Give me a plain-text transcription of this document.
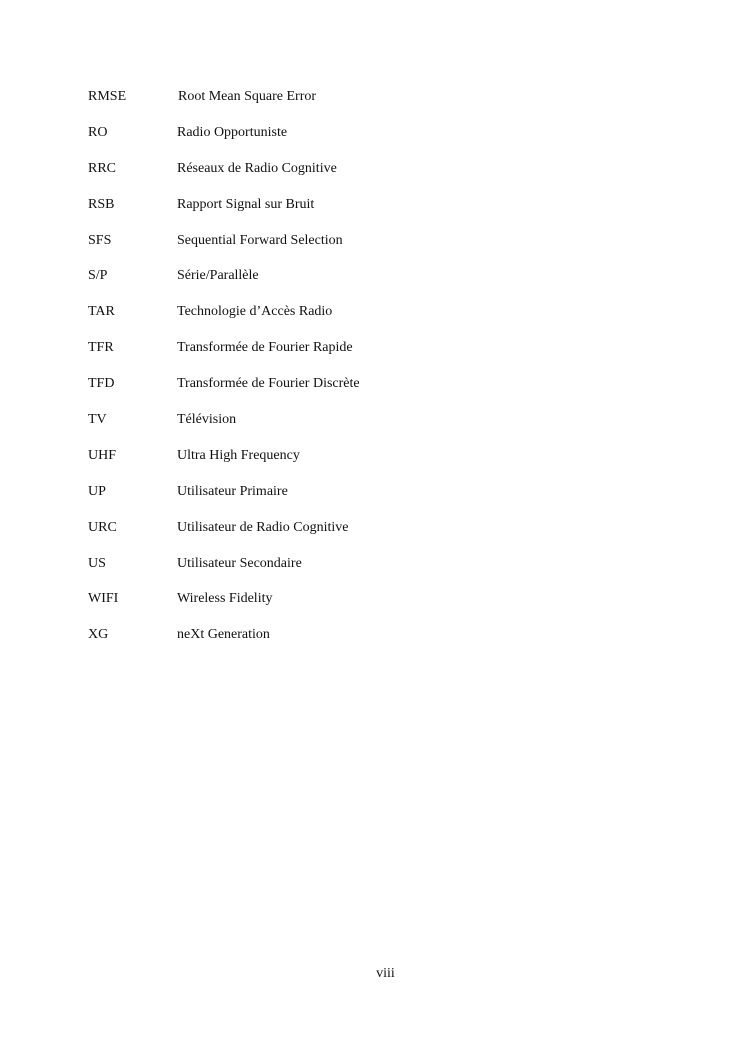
RMSE	Root Mean Square Error
RO	Radio Opportuniste
RRC	Réseaux de Radio Cognitive
RSB	Rapport Signal sur Bruit
SFS	Sequential Forward Selection
S/P	Série/Parallèle
TAR	Technologie d’Accès Radio
TFR	Transformée de Fourier Rapide
TFD	Transformée de Fourier Discrète
TV	Télévision
UHF	Ultra High Frequency
UP	Utilisateur Primaire
URC	Utilisateur de Radio Cognitive
US	Utilisateur Secondaire
WIFI	Wireless Fidelity
XG	neXt Generation
viii
